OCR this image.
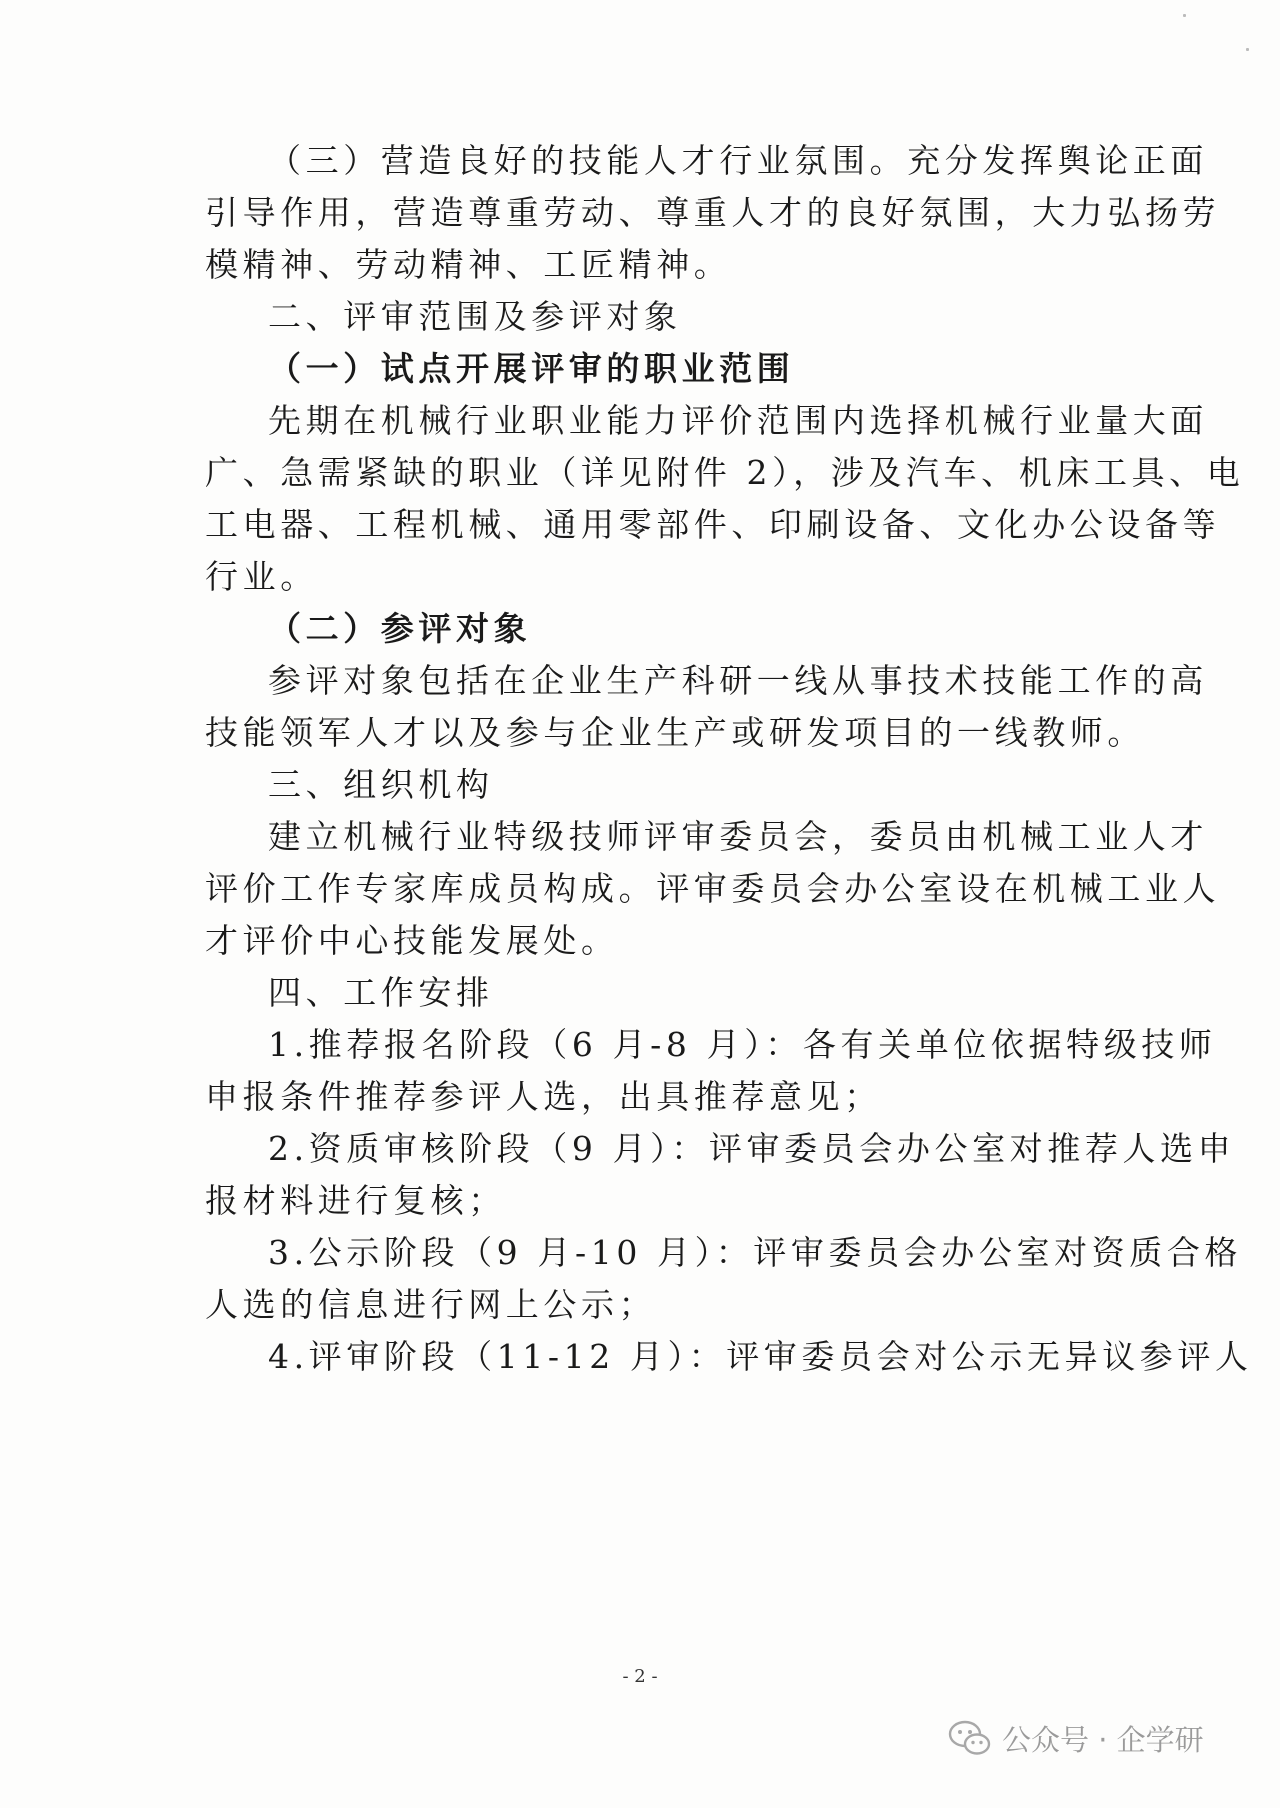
（三）营造良好的技能人才行业氛围。充分发挥舆论正面
引导作用，营造尊重劳动、尊重人才的良好氛围，大力弘扬劳
模精神、劳动精神、工匠精神。
二、评审范围及参评对象
（一）试点开展评审的职业范围
先期在机械行业职业能力评价范围内选择机械行业量大面
广、急需紧缺的职业（详见附件 2），涉及汽车、机床工具、电
工电器、工程机械、通用零部件、印刷设备、文化办公设备等
行业。
（二）参评对象
参评对象包括在企业生产科研一线从事技术技能工作的高
技能领军人才以及参与企业生产或研发项目的一线教师。
三、组织机构
建立机械行业特级技师评审委员会，委员由机械工业人才
评价工作专家库成员构成。评审委员会办公室设在机械工业人
才评价中心技能发展处。
四、工作安排
1.推荐报名阶段（6 月-8 月）：各有关单位依据特级技师
申报条件推荐参评人选，出具推荐意见；
2.资质审核阶段（9 月）：评审委员会办公室对推荐人选申
报材料进行复核；
3.公示阶段（9 月-10 月）：评审委员会办公室对资质合格
人选的信息进行网上公示；
4.评审阶段（11-12 月）：评审委员会对公示无异议参评人
- 2 -
公众号 · 企学研
